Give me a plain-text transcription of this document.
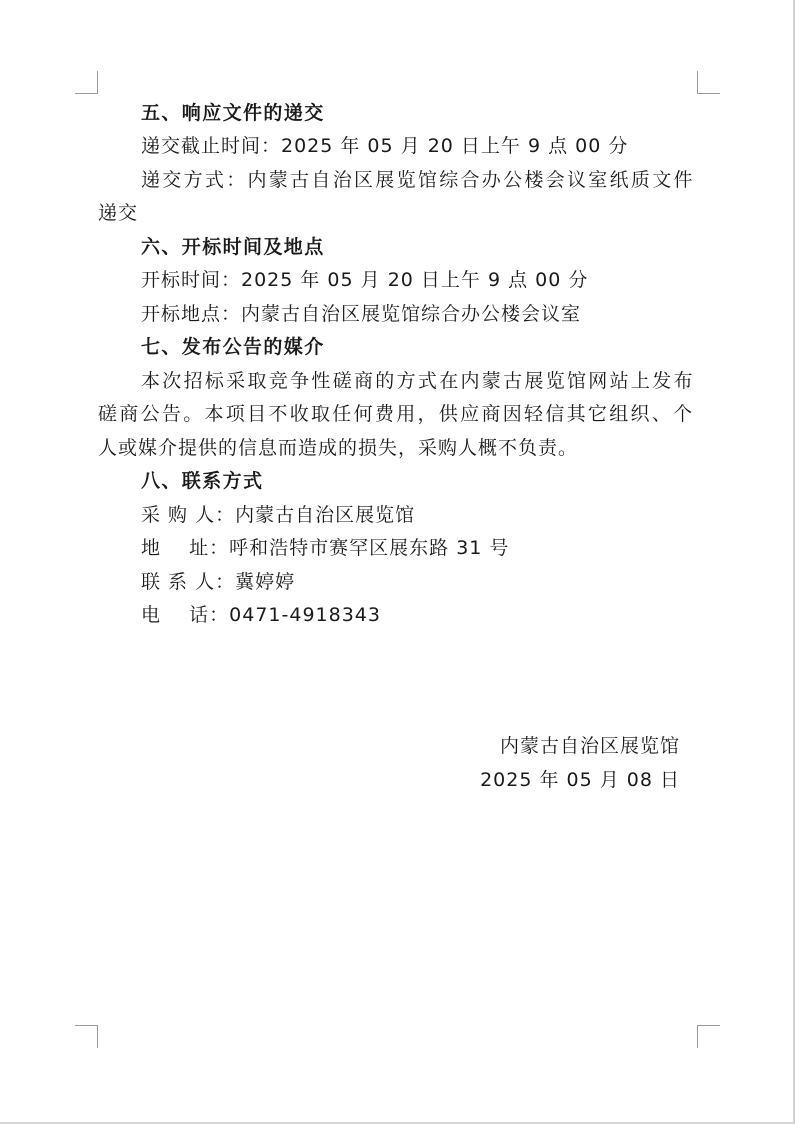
五、响应文件的递交
递交截止时间：2025 年 05 月 20 日上午 9 点 00 分
递交方式：内蒙古自治区展览馆综合办公楼会议室纸质文件
递交
六、开标时间及地点
开标时间：2025 年 05 月 20 日上午 9 点 00 分
开标地点：内蒙古自治区展览馆综合办公楼会议室
七、发布公告的媒介
本次招标采取竞争性磋商的方式在内蒙古展览馆网站上发布
磋商公告。本项目不收取任何费用，供应商因轻信其它组织、个
人或媒介提供的信息而造成的损失，采购人概不负责。
八、联系方式
采 购 人：内蒙古自治区展览馆
地    址：呼和浩特市赛罕区展东路 31 号
联 系 人：冀婷婷
电    话：0471-4918343
内蒙古自治区展览馆
2025 年 05 月 08 日
